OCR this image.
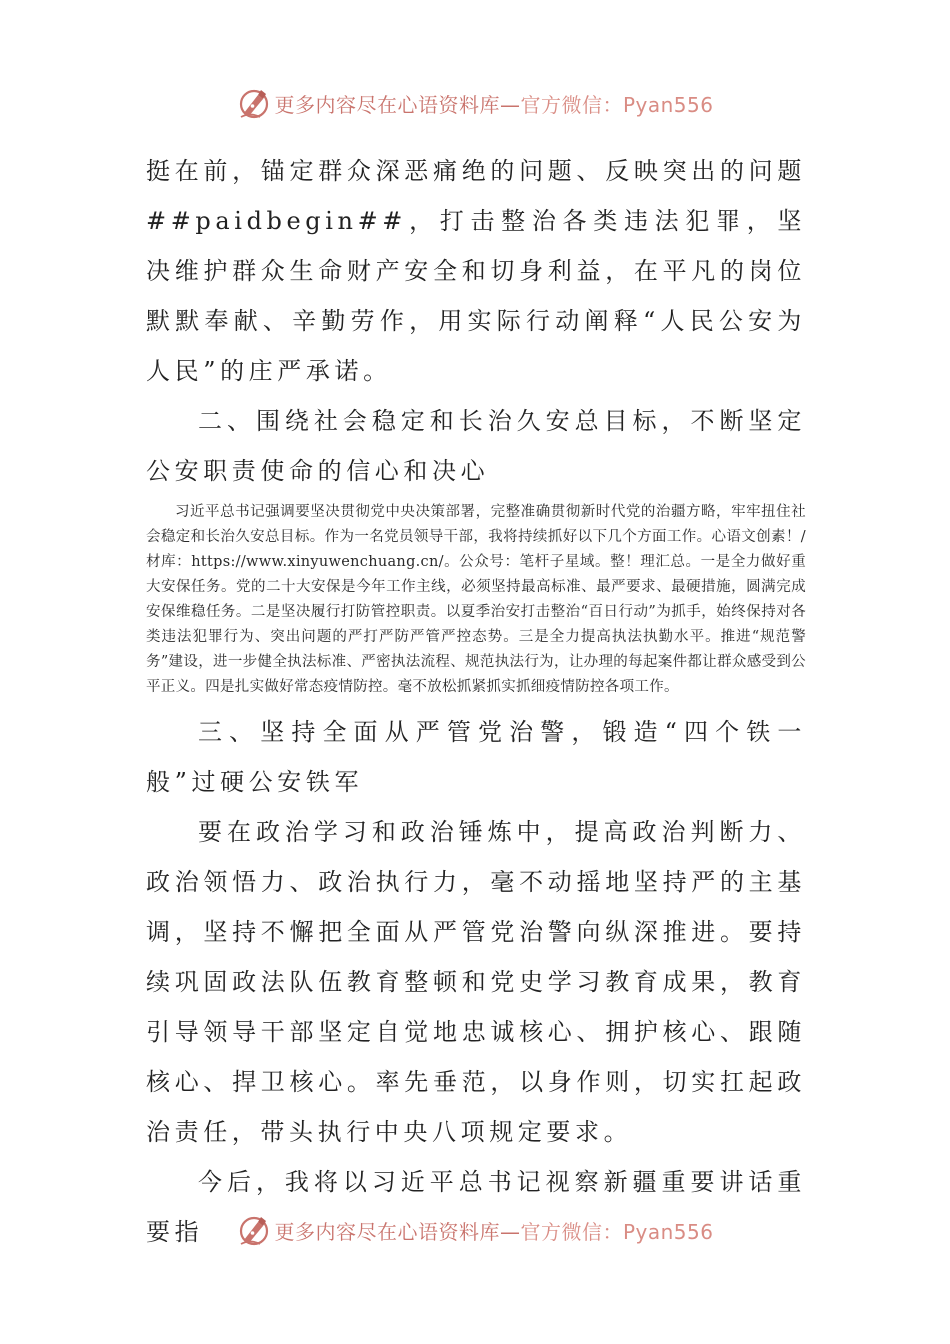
更多内容尽在心语资料库—官方微信：Pyan556

挺在前，锚定群众深恶痛绝的问题、反映突出的问题##paidbegin##，打击整治各类违法犯罪，坚决维护群众生命财产安全和切身利益，在平凡的岗位默默奉献、辛勤劳作，用实际行动阐释“人民公安为人民”的庄严承诺。

二、围绕社会稳定和长治久安总目标，不断坚定公安职责使命的信心和决心

习近平总书记强调要坚决贯彻党中央决策部署，完整准确贯彻新时代党的治疆方略，牢牢扭住社会稳定和长治久安总目标。作为一名党员领导干部，我将持续抓好以下几个方面工作。心语文创素！/材库：https://www.xinyuwenchuang.cn/。公众号：笔杆子星域。整！理汇总。一是全力做好重大安保任务。党的二十大安保是今年工作主线，必须坚持最高标准、最严要求、最硬措施，圆满完成安保维稳任务。二是坚决履行打防管控职责。以夏季治安打击整治“百日行动”为抓手，始终保持对各类违法犯罪行为、突出问题的严打严防严管严控态势。三是全力提高执法执勤水平。推进“规范警务”建设，进一步健全执法标准、严密执法流程、规范执法行为，让办理的每起案件都让群众感受到公平正义。四是扎实做好常态疫情防控。毫不放松抓紧抓实抓细疫情防控各项工作。

三、坚持全面从严管党治警，锻造“四个铁一般”过硬公安铁军

要在政治学习和政治锤炼中，提高政治判断力、政治领悟力、政治执行力，毫不动摇地坚持严的主基调，坚持不懈把全面从严管党治警向纵深推进。要持续巩固政法队伍教育整顿和党史学习教育成果，教育引导领导干部坚定自觉地忠诚核心、拥护核心、跟随核心、捍卫核心。率先垂范，以身作则，切实扛起政治责任，带头执行中央八项规定要求。

今后，我将以习近平总书记视察新疆重要讲话重要指	更多内容尽在心语资料库—官方微信：Pyan556
